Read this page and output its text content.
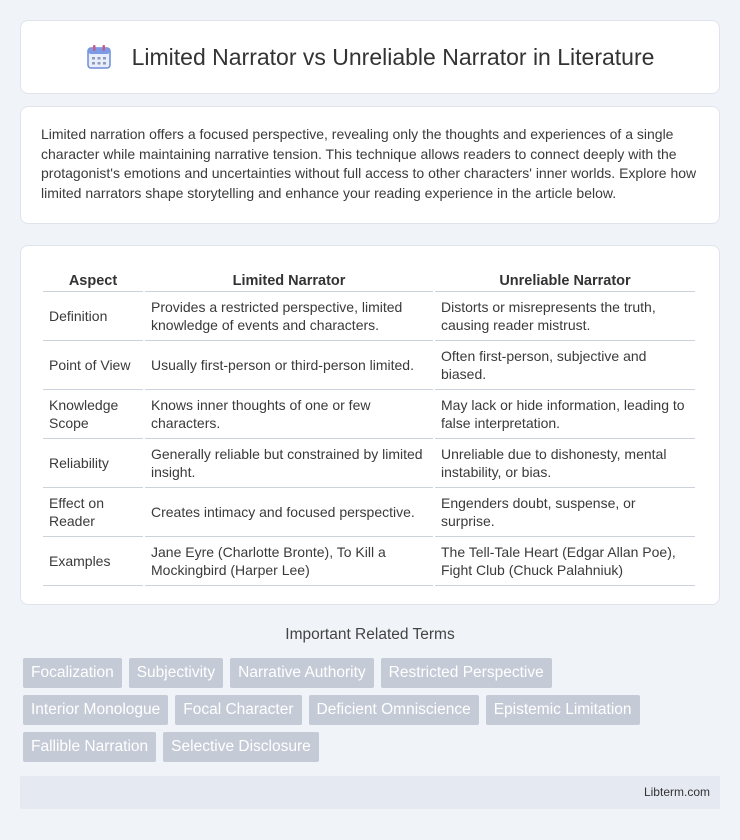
Limited Narrator vs Unreliable Narrator in Literature

Limited narration offers a focused perspective, revealing only the thoughts and experiences of a single character while maintaining narrative tension. This technique allows readers to connect deeply with the protagonist's emotions and uncertainties without full access to other characters' inner worlds. Explore how limited narrators shape storytelling and enhance your reading experience in the article below.

Aspect	Limited Narrator	Unreliable Narrator
Definition	Provides a restricted perspective, limited knowledge of events and characters.	Distorts or misrepresents the truth, causing reader mistrust.
Point of View	Usually first-person or third-person limited.	Often first-person, subjective and biased.
Knowledge Scope	Knows inner thoughts of one or few characters.	May lack or hide information, leading to false interpretation.
Reliability	Generally reliable but constrained by limited insight.	Unreliable due to dishonesty, mental instability, or bias.
Effect on Reader	Creates intimacy and focused perspective.	Engenders doubt, suspense, or surprise.
Examples	Jane Eyre (Charlotte Bronte), To Kill a Mockingbird (Harper Lee)	The Tell-Tale Heart (Edgar Allan Poe), Fight Club (Chuck Palahniuk)
Important Related Terms
Focalization	Subjectivity	Narrative Authority	Restricted Perspective
Interior Monologue	Focal Character	Deficient Omniscience	Epistemic Limitation
Fallible Narration	Selective Disclosure
Libterm.com
